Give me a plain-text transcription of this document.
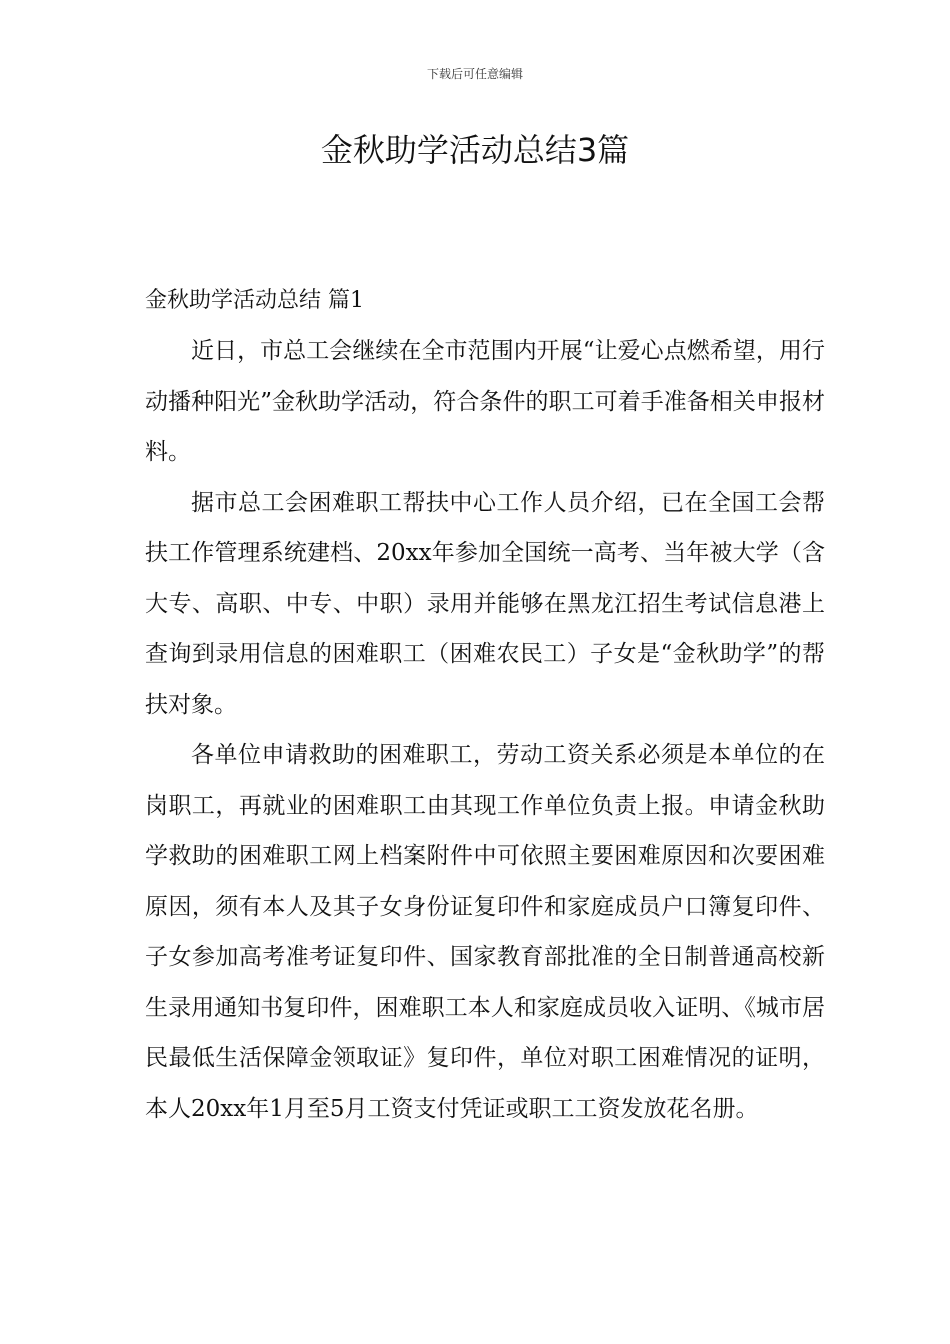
下载后可任意编辑
金秋助学活动总结3篇

金秋助学活动总结 篇1

近日，市总工会继续在全市范围内开展“让爱心点燃希望，用行动播种阳光”金秋助学活动，符合条件的职工可着手准备相关申报材料。

据市总工会困难职工帮扶中心工作人员介绍，已在全国工会帮扶工作管理系统建档、20xx年参加全国统一高考、当年被大学（含大专、高职、中专、中职）录用并能够在黑龙江招生考试信息港上查询到录用信息的困难职工（困难农民工）子女是“金秋助学”的帮扶对象。

各单位申请救助的困难职工，劳动工资关系必须是本单位的在岗职工，再就业的困难职工由其现工作单位负责上报。申请金秋助学救助的困难职工网上档案附件中可依照主要困难原因和次要困难原因，须有本人及其子女身份证复印件和家庭成员户口簿复印件、子女参加高考准考证复印件、国家教育部批准的全日制普通高校新生录用通知书复印件，困难职工本人和家庭成员收入证明、《城市居民最低生活保障金领取证》复印件，单位对职工困难情况的证明，本人20xx年1月至5月工资支付凭证或职工工资发放花名册。
